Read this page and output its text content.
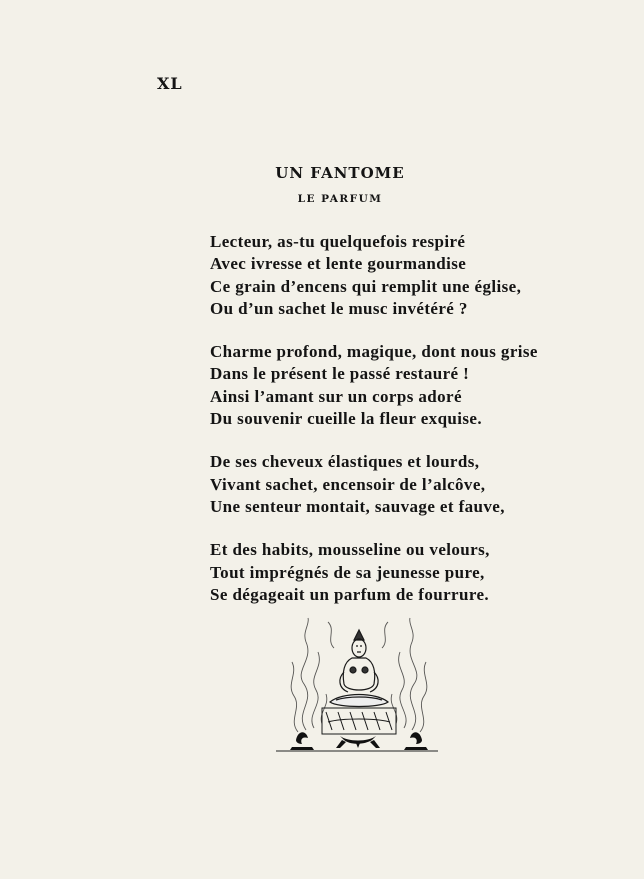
XL
UN FANTOME
LE PARFUM
Lecteur, as-tu quelquefois respiré
Avec ivresse et lente gourmandise
Ce grain d’encens qui remplit une église,
Ou d’un sachet le musc invétéré ?
Charme profond, magique, dont nous grise
Dans le présent le passé restauré !
Ainsi l’amant sur un corps adoré
Du souvenir cueille la fleur exquise.
De ses cheveux élastiques et lourds,
Vivant sachet, encensoir de l’alcôve,
Une senteur montait, sauvage et fauve,
Et des habits, mousseline ou velours,
Tout imprégnés de sa jeunesse pure,
Se dégageait un parfum de fourrure.
